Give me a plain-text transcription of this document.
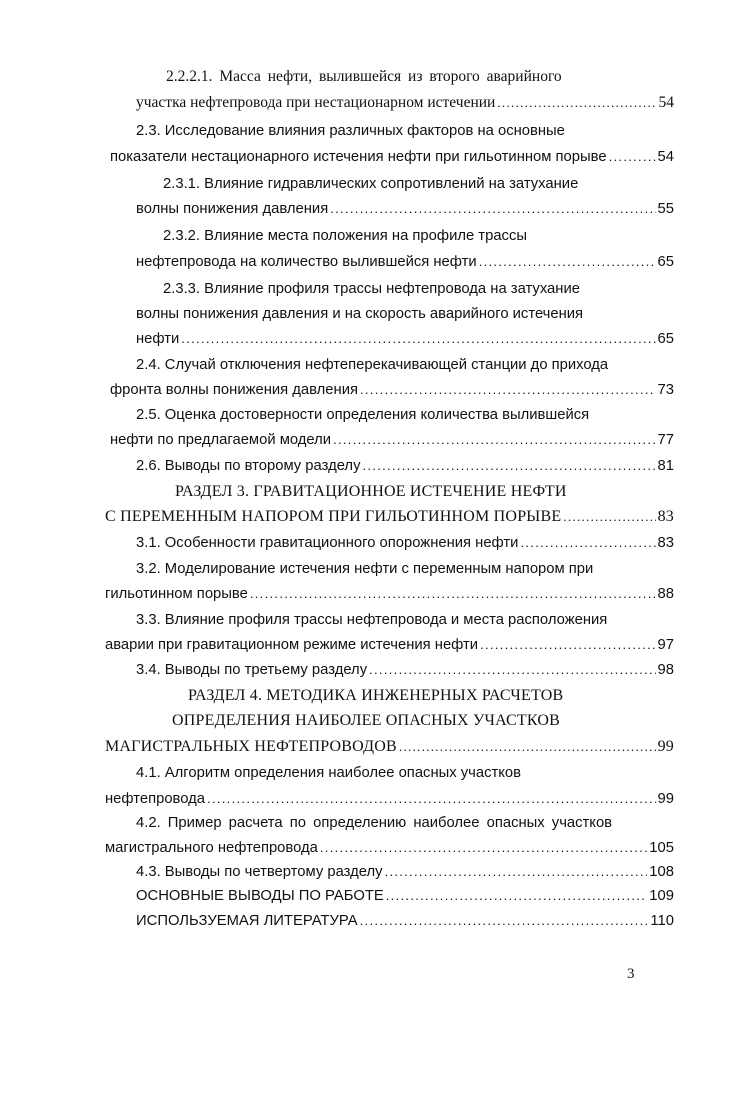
2.2.2.1. Масса нефти, вылившейся из второго аварийного
участка нефтепровода при нестационарном истечении .....	54
2.3. Исследование влияния различных факторов на основные
показатели нестационарного истечения нефти при гильотинном порыве .....	54
2.3.1. Влияние гидравлических сопротивлений на затухание
волны понижения давления .....	55
2.3.2. Влияние места положения на профиле трассы
нефтепровода на количество вылившейся нефти .....	65
2.3.3. Влияние профиля трассы нефтепровода на затухание
волны понижения давления и на скорость аварийного истечения
нефти .....	65
2.4. Случай отключения нефтеперекачивающей станции до прихода
фронта волны понижения давления .....	73
2.5. Оценка достоверности определения количества вылившейся
нефти по предлагаемой модели .....	77
2.6. Выводы по второму разделу .....	81
РАЗДЕЛ 3. ГРАВИТАЦИОННОЕ ИСТЕЧЕНИЕ НЕФТИ
С ПЕРЕМЕННЫМ НАПОРОМ ПРИ ГИЛЬОТИННОМ ПОРЫВЕ .....	83
3.1. Особенности гравитационного опорожнения нефти .....	83
3.2. Моделирование истечения нефти с переменным напором при
гильотинном порыве .....	88
3.3. Влияние профиля трассы нефтепровода и места расположения
аварии при гравитационном режиме истечения нефти .....	97
3.4. Выводы по третьему разделу .....	98
РАЗДЕЛ 4. МЕТОДИКА ИНЖЕНЕРНЫХ РАСЧЕТОВ
ОПРЕДЕЛЕНИЯ НАИБОЛЕЕ ОПАСНЫХ УЧАСТКОВ
МАГИСТРАЛЬНЫХ НЕФТЕПРОВОДОВ .....	99
4.1. Алгоритм определения наиболее опасных участков
нефтепровода .....	99
4.2. Пример расчета по определению наиболее опасных участков
магистрального нефтепровода .....	105
4.3. Выводы по четвертому разделу .....	108
ОСНОВНЫЕ ВЫВОДЫ ПО РАБОТЕ .....	109
ИСПОЛЬЗУЕМАЯ ЛИТЕРАТУРА .....	110
3
